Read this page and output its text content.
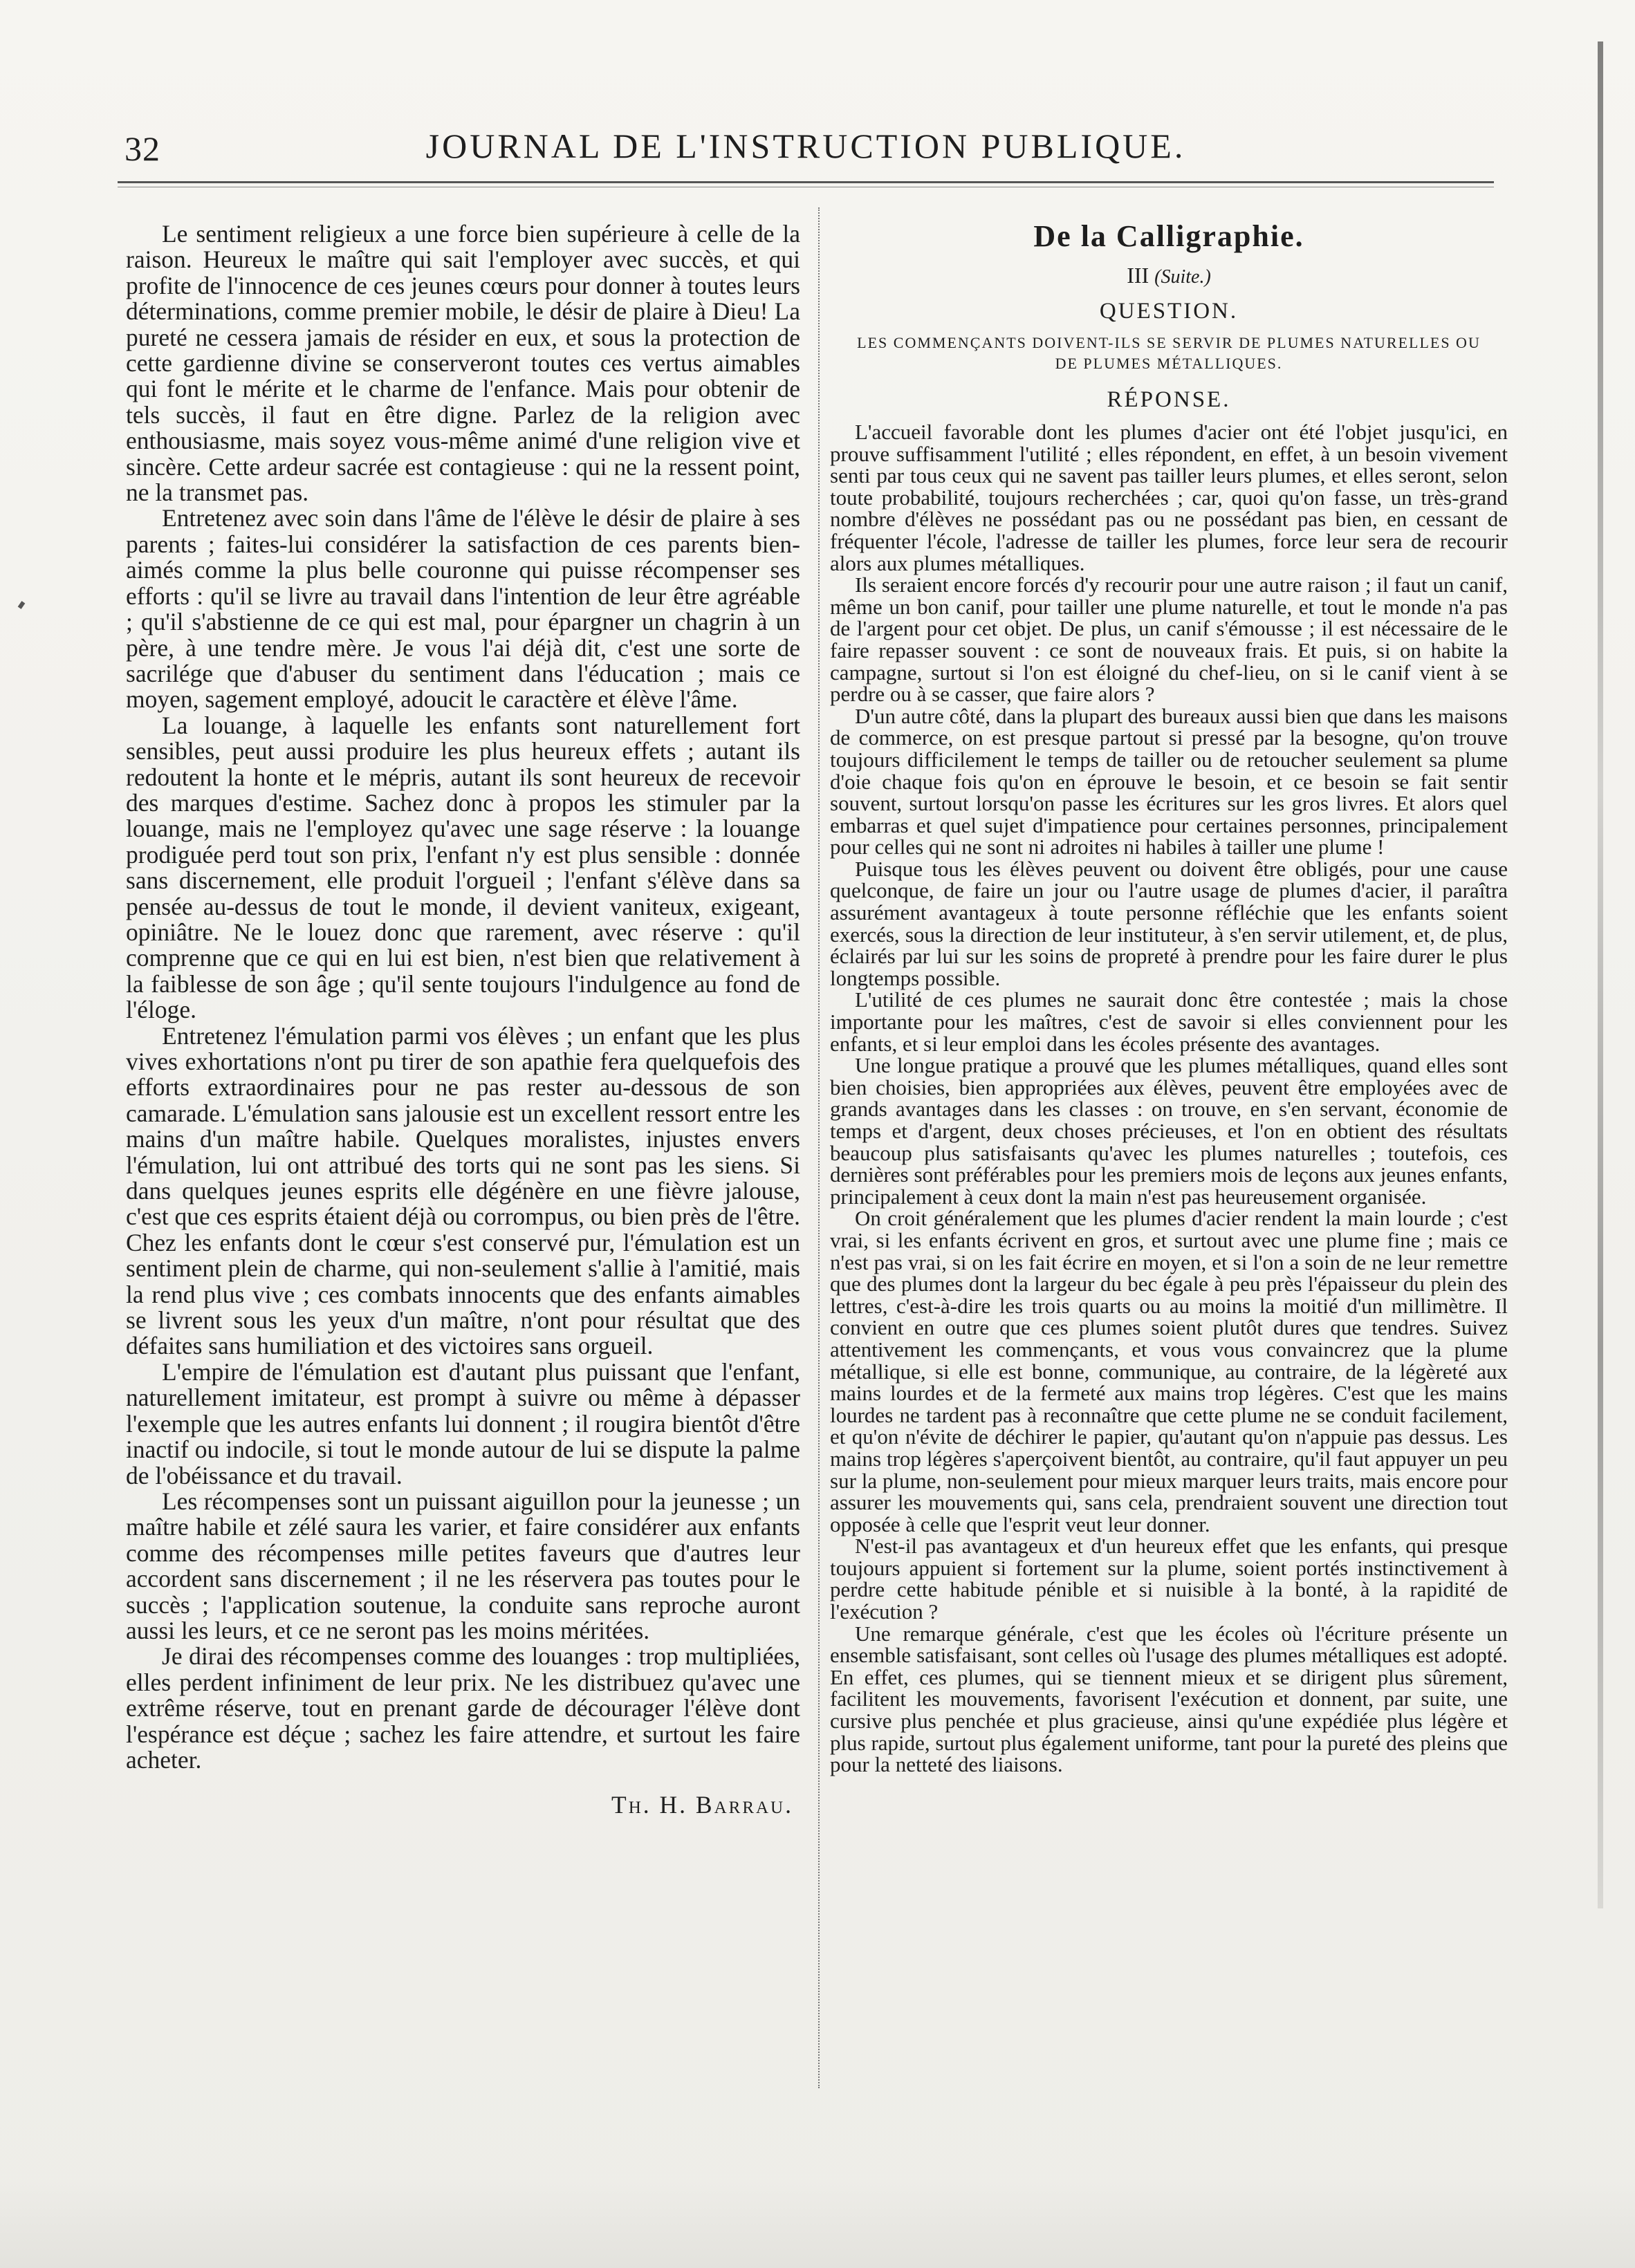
32	JOURNAL DE L'INSTRUCTION PUBLIQUE.

Le sentiment religieux a une force bien supérieure à celle de la raison. Heureux le maître qui sait l'employer avec succès, et qui profite de l'innocence de ces jeunes cœurs pour donner à toutes leurs déterminations, comme premier mobile, le désir de plaire à Dieu! La pureté ne cessera jamais de résider en eux, et sous la protection de cette gardienne divine se conserveront toutes ces vertus aimables qui font le mérite et le charme de l'enfance. Mais pour obtenir de tels succès, il faut en être digne. Parlez de la religion avec enthousiasme, mais soyez vous-même animé d'une religion vive et sincère. Cette ardeur sacrée est contagieuse : qui ne la ressent point, ne la transmet pas.

Entretenez avec soin dans l'âme de l'élève le désir de plaire à ses parents ; faites-lui considérer la satisfaction de ces parents bien-aimés comme la plus belle couronne qui puisse récompenser ses efforts : qu'il se livre au travail dans l'intention de leur être agréable ; qu'il s'abstienne de ce qui est mal, pour épargner un chagrin à un père, à une tendre mère. Je vous l'ai déjà dit, c'est une sorte de sacrilége que d'abuser du sentiment dans l'éducation ; mais ce moyen, sagement employé, adoucit le caractère et élève l'âme.

La louange, à laquelle les enfants sont naturellement fort sensibles, peut aussi produire les plus heureux effets ; autant ils redoutent la honte et le mépris, autant ils sont heureux de recevoir des marques d'estime. Sachez donc à propos les stimuler par la louange, mais ne l'employez qu'avec une sage réserve : la louange prodiguée perd tout son prix, l'enfant n'y est plus sensible : donnée sans discernement, elle produit l'orgueil ; l'enfant s'élève dans sa pensée au-dessus de tout le monde, il devient vaniteux, exigeant, opiniâtre. Ne le louez donc que rarement, avec réserve : qu'il comprenne que ce qui en lui est bien, n'est bien que relativement à la faiblesse de son âge ; qu'il sente toujours l'indulgence au fond de l'éloge.

Entretenez l'émulation parmi vos élèves ; un enfant que les plus vives exhortations n'ont pu tirer de son apathie fera quelquefois des efforts extraordinaires pour ne pas rester au-dessous de son camarade. L'émulation sans jalousie est un excellent ressort entre les mains d'un maître habile. Quelques moralistes, injustes envers l'émulation, lui ont attribué des torts qui ne sont pas les siens. Si dans quelques jeunes esprits elle dégénère en une fièvre jalouse, c'est que ces esprits étaient déjà ou corrompus, ou bien près de l'être. Chez les enfants dont le cœur s'est conservé pur, l'émulation est un sentiment plein de charme, qui non-seulement s'allie à l'amitié, mais la rend plus vive ; ces combats innocents que des enfants aimables se livrent sous les yeux d'un maître, n'ont pour résultat que des défaites sans humiliation et des victoires sans orgueil.

L'empire de l'émulation est d'autant plus puissant que l'enfant, naturellement imitateur, est prompt à suivre ou même à dépasser l'exemple que les autres enfants lui donnent ; il rougira bientôt d'être inactif ou indocile, si tout le monde autour de lui se dispute la palme de l'obéissance et du travail.

Les récompenses sont un puissant aiguillon pour la jeunesse ; un maître habile et zélé saura les varier, et faire considérer aux enfants comme des récompenses mille petites faveurs que d'autres leur accordent sans discernement ; il ne les réservera pas toutes pour le succès ; l'application soutenue, la conduite sans reproche auront aussi les leurs, et ce ne seront pas les moins méritées.

Je dirai des récompenses comme des louanges : trop multipliées, elles perdent infiniment de leur prix. Ne les distribuez qu'avec une extrême réserve, tout en prenant garde de décourager l'élève dont l'espérance est déçue ; sachez les faire attendre, et surtout les faire acheter.

Th. H. Barrau.

De la Calligraphie.
III (Suite.)
QUESTION.
LES COMMENÇANTS DOIVENT-ILS SE SERVIR DE PLUMES NATURELLES OU DE PLUMES MÉTALLIQUES.
RÉPONSE.

L'accueil favorable dont les plumes d'acier ont été l'objet jusqu'ici, en prouve suffisamment l'utilité ; elles répondent, en effet, à un besoin vivement senti par tous ceux qui ne savent pas tailler leurs plumes, et elles seront, selon toute probabilité, toujours recherchées ; car, quoi qu'on fasse, un très-grand nombre d'élèves ne possédant pas ou ne possédant pas bien, en cessant de fréquenter l'école, l'adresse de tailler les plumes, force leur sera de recourir alors aux plumes métalliques.

Ils seraient encore forcés d'y recourir pour une autre raison ; il faut un canif, même un bon canif, pour tailler une plume naturelle, et tout le monde n'a pas de l'argent pour cet objet. De plus, un canif s'émousse ; il est nécessaire de le faire repasser souvent : ce sont de nouveaux frais. Et puis, si on habite la campagne, surtout si l'on est éloigné du chef-lieu, on si le canif vient à se perdre ou à se casser, que faire alors ?

D'un autre côté, dans la plupart des bureaux aussi bien que dans les maisons de commerce, on est presque partout si pressé par la besogne, qu'on trouve toujours difficilement le temps de tailler ou de retoucher seulement sa plume d'oie chaque fois qu'on en éprouve le besoin, et ce besoin se fait sentir souvent, surtout lorsqu'on passe les écritures sur les gros livres. Et alors quel embarras et quel sujet d'impatience pour certaines personnes, principalement pour celles qui ne sont ni adroites ni habiles à tailler une plume !

Puisque tous les élèves peuvent ou doivent être obligés, pour une cause quelconque, de faire un jour ou l'autre usage de plumes d'acier, il paraîtra assurément avantageux à toute personne réfléchie que les enfants soient exercés, sous la direction de leur instituteur, à s'en servir utilement, et, de plus, éclairés par lui sur les soins de propreté à prendre pour les faire durer le plus longtemps possible.

L'utilité de ces plumes ne saurait donc être contestée ; mais la chose importante pour les maîtres, c'est de savoir si elles conviennent pour les enfants, et si leur emploi dans les écoles présente des avantages.

Une longue pratique a prouvé que les plumes métalliques, quand elles sont bien choisies, bien appropriées aux élèves, peuvent être employées avec de grands avantages dans les classes : on trouve, en s'en servant, économie de temps et d'argent, deux choses précieuses, et l'on en obtient des résultats beaucoup plus satisfaisants qu'avec les plumes naturelles ; toutefois, ces dernières sont préférables pour les premiers mois de leçons aux jeunes enfants, principalement à ceux dont la main n'est pas heureusement organisée.

On croit généralement que les plumes d'acier rendent la main lourde ; c'est vrai, si les enfants écrivent en gros, et surtout avec une plume fine ; mais ce n'est pas vrai, si on les fait écrire en moyen, et si l'on a soin de ne leur remettre que des plumes dont la largeur du bec égale à peu près l'épaisseur du plein des lettres, c'est-à-dire les trois quarts ou au moins la moitié d'un millimètre. Il convient en outre que ces plumes soient plutôt dures que tendres. Suivez attentivement les commençants, et vous vous convaincrez que la plume métallique, si elle est bonne, communique, au contraire, de la légèreté aux mains lourdes et de la fermeté aux mains trop légères. C'est que les mains lourdes ne tardent pas à reconnaître que cette plume ne se conduit facilement, et qu'on n'évite de déchirer le papier, qu'autant qu'on n'appuie pas dessus. Les mains trop légères s'aperçoivent bientôt, au contraire, qu'il faut appuyer un peu sur la plume, non-seulement pour mieux marquer leurs traits, mais encore pour assurer les mouvements qui, sans cela, prendraient souvent une direction tout opposée à celle que l'esprit veut leur donner.

N'est-il pas avantageux et d'un heureux effet que les enfants, qui presque toujours appuient si fortement sur la plume, soient portés instinctivement à perdre cette habitude pénible et si nuisible à la bonté, à la rapidité de l'exécution ?

Une remarque générale, c'est que les écoles où l'écriture présente un ensemble satisfaisant, sont celles où l'usage des plumes métalliques est adopté. En effet, ces plumes, qui se tiennent mieux et se dirigent plus sûrement, facilitent les mouvements, favorisent l'exécution et donnent, par suite, une cursive plus penchée et plus gracieuse, ainsi qu'une expédiée plus légère et plus rapide, surtout plus également uniforme, tant pour la pureté des pleins que pour la netteté des liaisons.
